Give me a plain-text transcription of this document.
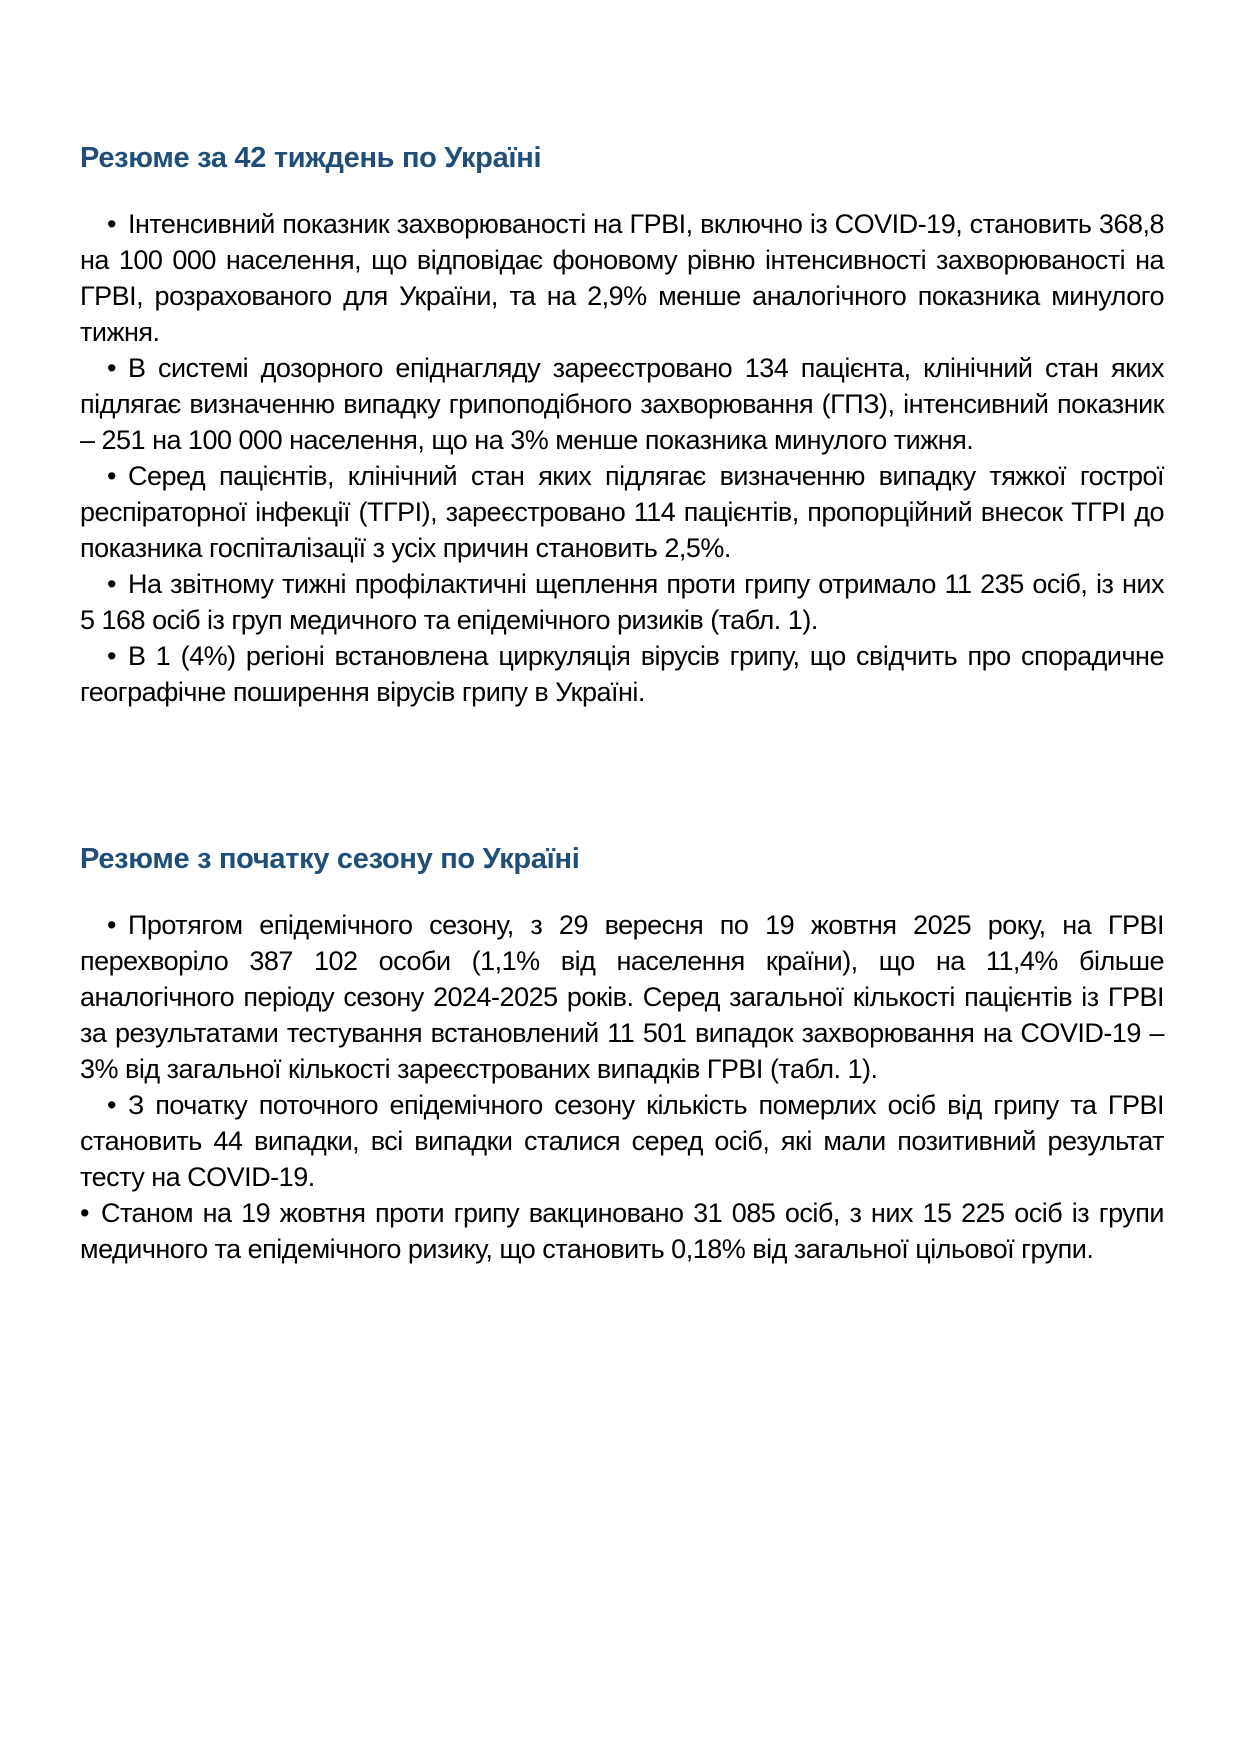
Резюме за 42 тиждень по Україні

• Інтенсивний показник захворюваності на ГРВІ, включно із COVID-19, становить 368,8 на 100 000 населення, що відповідає фоновому рівню інтенсивності захворюваності на ГРВІ, розрахованого для України, та на 2,9% менше аналогічного показника минулого тижня.

• В системі дозорного епіднагляду зареєстровано 134 пацієнта, клінічний стан яких підлягає визначенню випадку грипоподібного захворювання (ГПЗ), інтенсивний показник – 251 на 100 000 населення, що на 3% менше показника минулого тижня.

• Серед пацієнтів, клінічний стан яких підлягає визначенню випадку тяжкої гострої респіраторної інфекції (ТГРІ), зареєстровано 114 пацієнтів, пропорційний внесок ТГРІ до показника госпіталізації з усіх причин становить 2,5%.

• На звітному тижні профілактичні щеплення проти грипу отримало 11 235 осіб, із них 5 168 осіб із груп медичного та епідемічного ризиків (табл. 1).

• В 1 (4%) регіоні встановлена циркуляція вірусів грипу, що свідчить про спорадичне географічне поширення вірусів грипу в Україні.

Резюме з початку сезону по Україні

• Протягом епідемічного сезону, з 29 вересня по 19 жовтня 2025 року, на ГРВІ перехворіло 387 102 особи (1,1% від населення країни), що на 11,4% більше аналогічного періоду сезону 2024-2025 років. Серед загальної кількості пацієнтів із ГРВІ за результатами тестування встановлений 11 501 випадок захворювання на COVID-19 – 3% від загальної кількості зареєстрованих випадків ГРВІ (табл. 1).

• З початку поточного епідемічного сезону кількість померлих осіб від грипу та ГРВІ становить 44 випадки, всі випадки сталися серед осіб, які мали позитивний результат тесту на COVID-19.

• Станом на 19 жовтня проти грипу вакциновано 31 085 осіб, з них 15 225 осіб із групи медичного та епідемічного ризику, що становить 0,18% від загальної цільової групи.
